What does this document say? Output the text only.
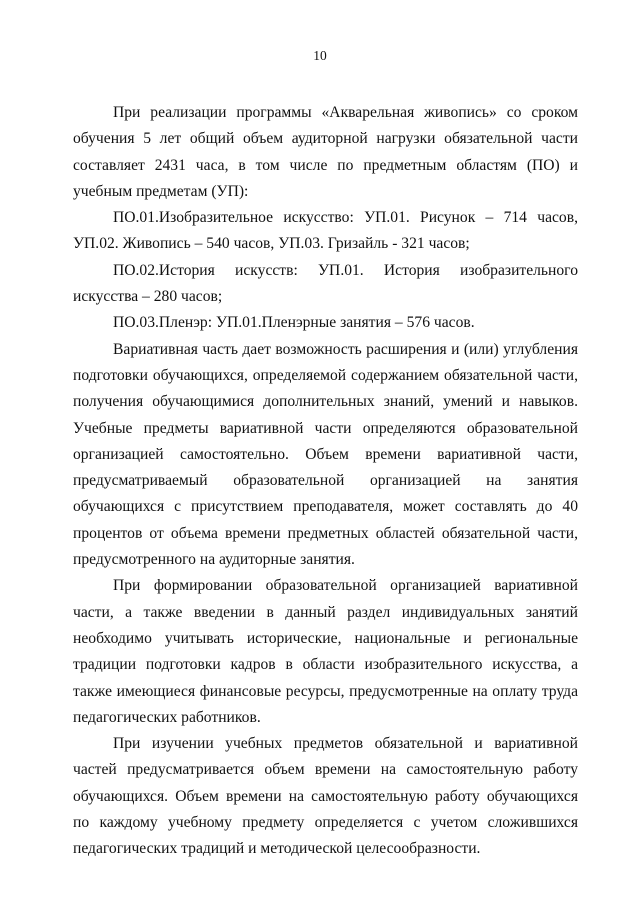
10

При реализации программы «Акварельная живопись» со сроком обучения 5 лет общий объем аудиторной нагрузки обязательной части составляет 2431 часа, в том числе по предметным областям (ПО) и учебным предметам (УП):

ПО.01.Изобразительное искусство: УП.01. Рисунок – 714 часов, УП.02. Живопись – 540 часов, УП.03. Гризайль - 321 часов;

ПО.02.История искусств: УП.01. История изобразительного искусства – 280 часов;

ПО.03.Пленэр: УП.01.Пленэрные занятия – 576 часов.

Вариативная часть дает возможность расширения и (или) углубления подготовки обучающихся, определяемой содержанием обязательной части, получения обучающимися дополнительных знаний, умений и навыков. Учебные предметы вариативной части определяются образовательной организацией самостоятельно. Объем времени вариативной части, предусматриваемый образовательной организацией на занятия обучающихся с присутствием преподавателя, может составлять до 40 процентов от объема времени предметных областей обязательной части, предусмотренного на аудиторные занятия.

При формировании образовательной организацией вариативной части, а также введении в данный раздел индивидуальных занятий необходимо учитывать исторические, национальные и региональные традиции подготовки кадров в области изобразительного искусства, а также имеющиеся финансовые ресурсы, предусмотренные на оплату труда педагогических работников.

При изучении учебных предметов обязательной и вариативной частей предусматривается объем времени на самостоятельную работу обучающихся. Объем времени на самостоятельную работу обучающихся по каждому учебному предмету определяется с учетом сложившихся педагогических традиций и методической целесообразности.
